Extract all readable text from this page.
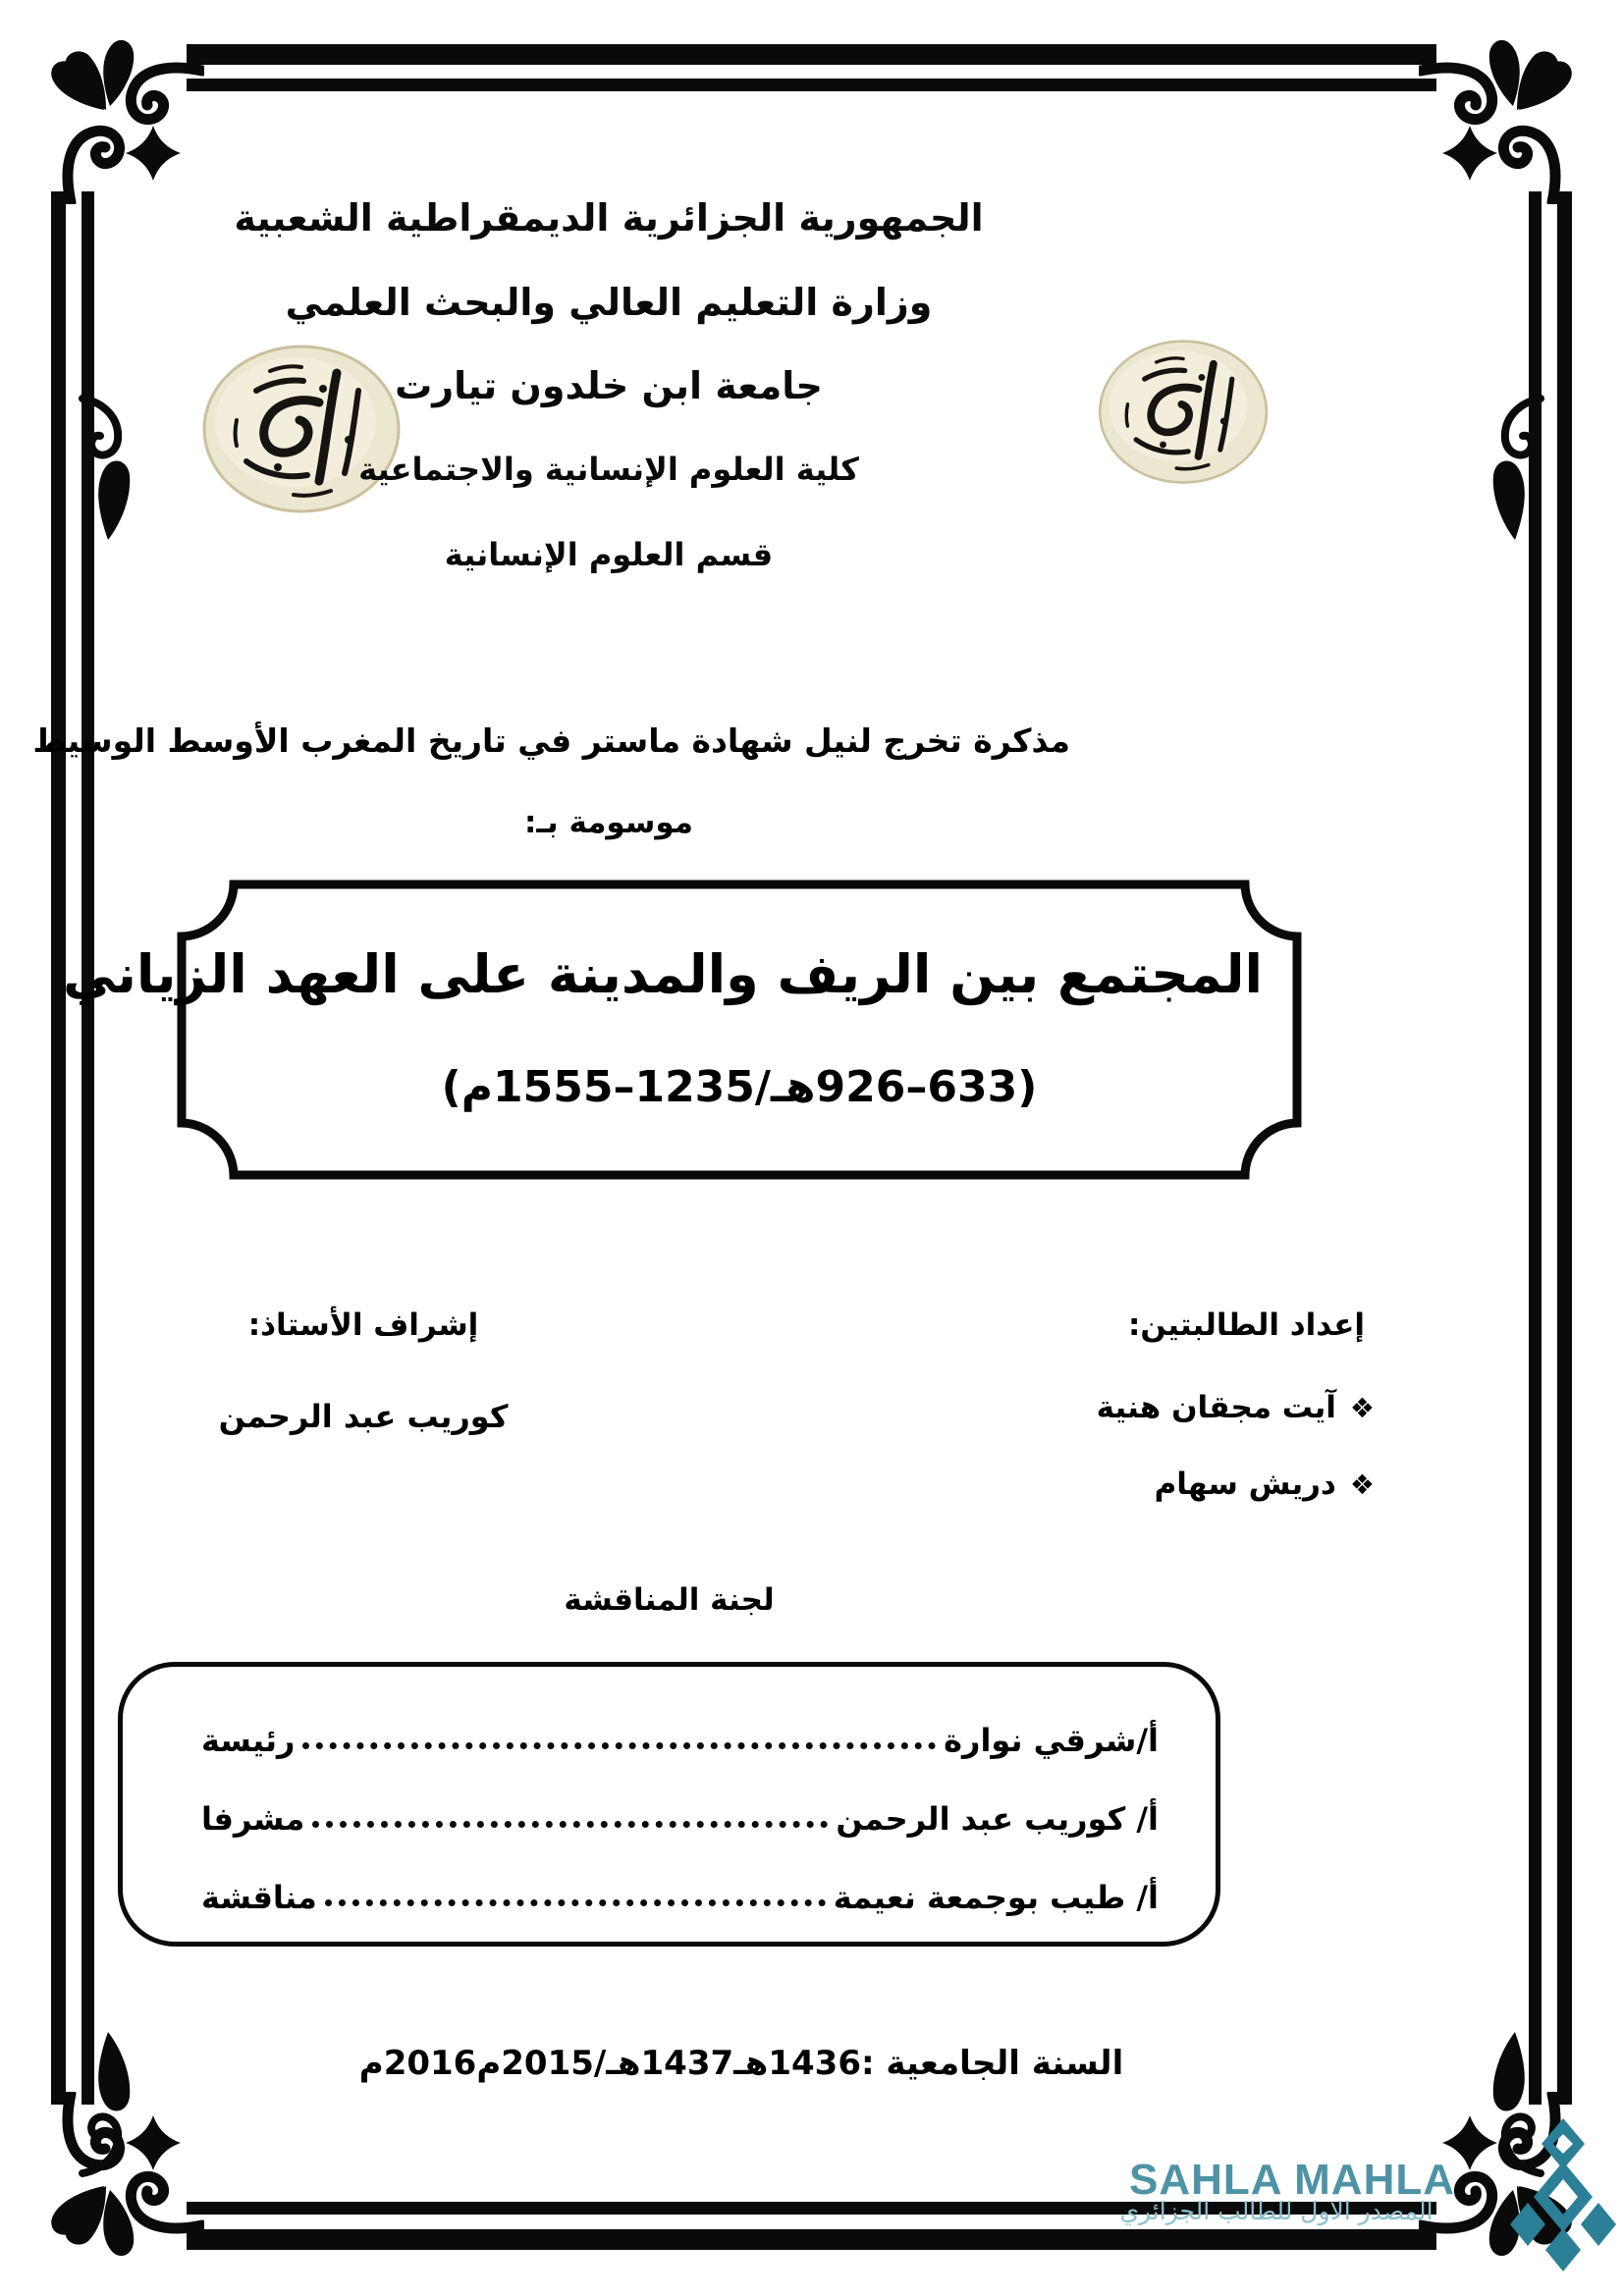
الجمهورية الجزائرية الديمقراطية الشعبية
وزارة التعليم العالي والبحث العلمي
جامعة ابن خلدون تيارت
كلية العلوم الإنسانية والاجتماعية
قسم العلوم الإنسانية
مذكرة تخرج لنيل شهادة ماستر في تاريخ المغرب الأوسط الوسيط
موسومة بـ:
المجتمع بين الريف والمدينة على العهد الزياني
(633–926هـ/1235–1555م)
إعداد الطالبتين:
❖آيت مجقان هنية
❖دريش سهام
إشراف الأستاذ:
كوريب عبد الرحمن
لجنة المناقشة
أ/شرقي نوارة
رئيسة
أ/ كوريب عبد الرحمن
مشرفا
أ/ طيب بوجمعة نعيمة
مناقشة
السنة الجامعية :1436هـ1437هـ/2015م2016م
SAHLA MAHLA
المصدر الاول للطالب الجزائري
